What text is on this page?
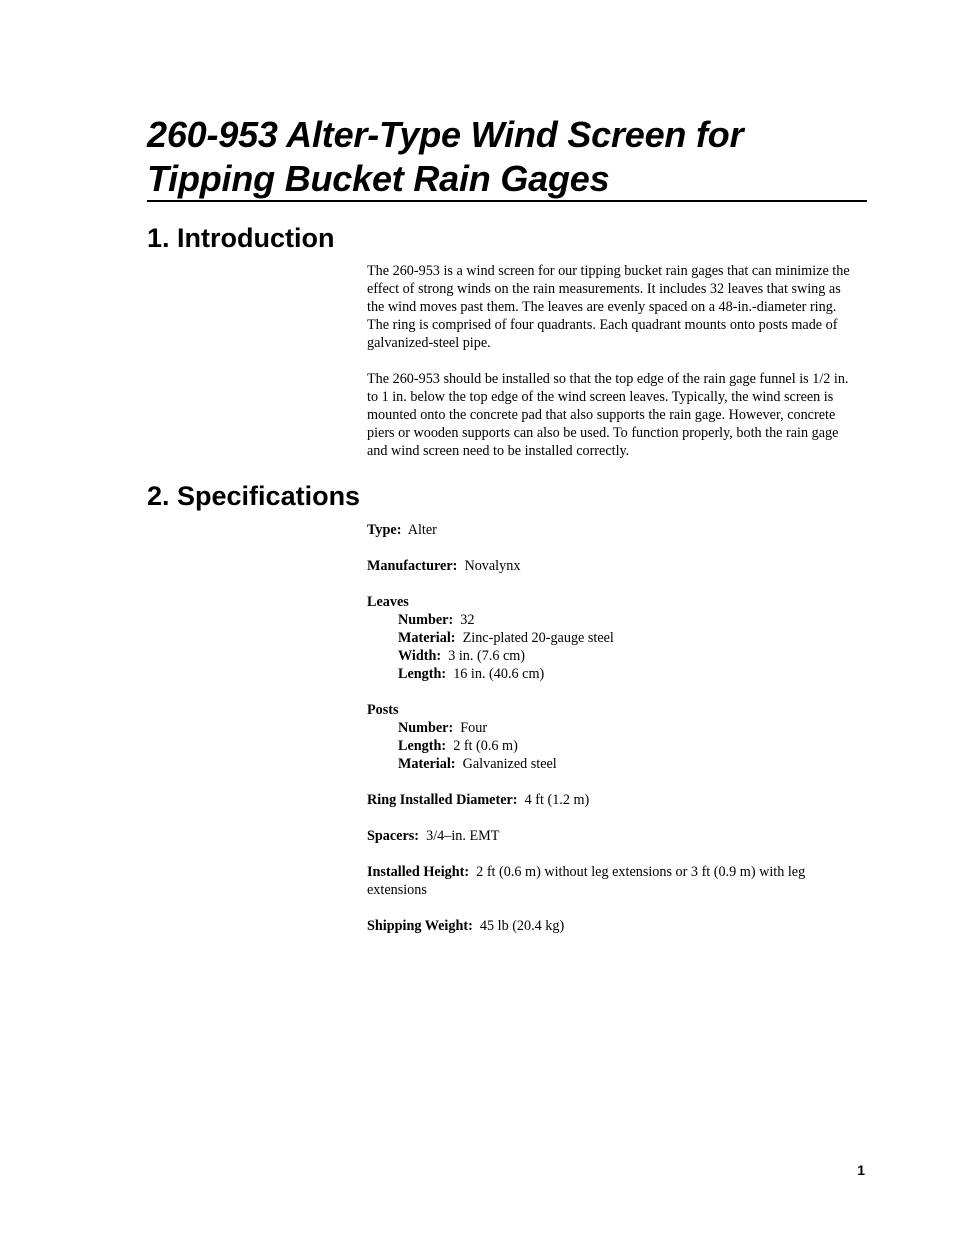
260-953 Alter-Type Wind Screen for Tipping Bucket Rain Gages
1. Introduction

The 260-953 is a wind screen for our tipping bucket rain gages that can minimize the effect of strong winds on the rain measurements. It includes 32 leaves that swing as the wind moves past them. The leaves are evenly spaced on a 48-in.-diameter ring. The ring is comprised of four quadrants. Each quadrant mounts onto posts made of galvanized-steel pipe.

The 260-953 should be installed so that the top edge of the rain gage funnel is 1/2 in. to 1 in. below the top edge of the wind screen leaves. Typically, the wind screen is mounted onto the concrete pad that also supports the rain gage. However, concrete piers or wooden supports can also be used. To function properly, both the rain gage and wind screen need to be installed correctly.

2. Specifications

Type: Alter

Manufacturer: Novalynx

Leaves

Number: 32

Material: Zinc-plated 20-gauge steel

Width: 3 in. (7.6 cm)

Length: 16 in. (40.6 cm)

Posts

Number: Four

Length: 2 ft (0.6 m)

Material: Galvanized steel

Ring Installed Diameter: 4 ft (1.2 m)

Spacers: 3/4–in. EMT

Installed Height: 2 ft (0.6 m) without leg extensions or 3 ft (0.9 m) with leg extensions

Shipping Weight: 45 lb (20.4 kg)

1
